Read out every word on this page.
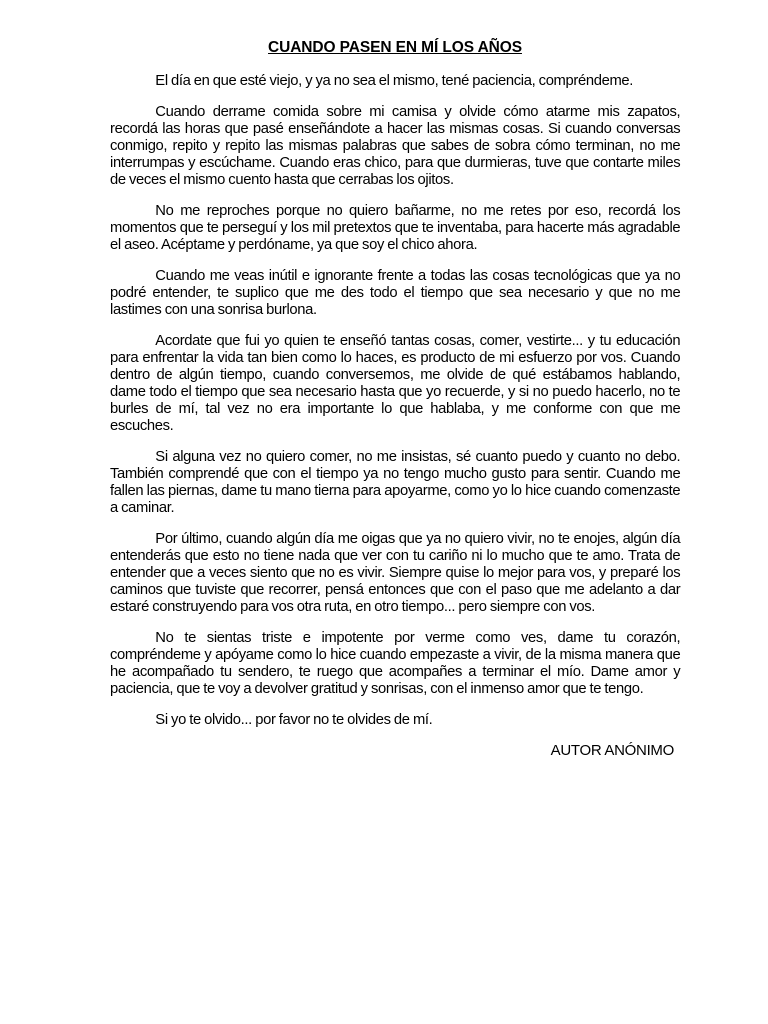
CUANDO PASEN EN MÍ LOS AÑOS

El día en que esté viejo, y ya no sea el mismo, tené paciencia, compréndeme.

Cuando derrame comida sobre mi camisa y olvide cómo atarme mis zapatos, recordá las horas que pasé enseñándote a hacer las mismas cosas. Si cuando conversas conmigo, repito y repito las mismas palabras que sabes de sobra cómo terminan, no me interrumpas y escúchame. Cuando eras chico, para que durmieras, tuve que contarte miles de veces el mismo cuento hasta que cerrabas los ojitos.

No me reproches porque no quiero bañarme, no me retes por eso, recordá los momentos que te perseguí y los mil pretextos que te inventaba, para hacerte más agradable el aseo. Acéptame y perdóname, ya que soy el chico ahora.

Cuando me veas inútil e ignorante frente a todas las cosas tecnológicas que ya no podré entender, te suplico que me des todo el tiempo que sea necesario y que no me lastimes con una sonrisa burlona.

Acordate que fui yo quien te enseñó tantas cosas, comer, vestirte... y tu educación para enfrentar la vida tan bien como lo haces, es producto de mi esfuerzo por vos. Cuando dentro de algún tiempo, cuando conversemos, me olvide de qué estábamos hablando, dame todo el tiempo que sea necesario hasta que yo recuerde, y si no puedo hacerlo, no te burles de mí, tal vez no era importante lo que hablaba, y me conforme con que me escuches.

Si alguna vez no quiero comer, no me insistas, sé cuanto puedo y cuanto no debo. También comprendé que con el tiempo ya no tengo mucho gusto para sentir. Cuando me fallen las piernas, dame tu mano tierna para apoyarme, como yo lo hice cuando comenzaste a caminar.

Por último, cuando algún día me oigas que ya no quiero vivir, no te enojes, algún día entenderás que esto no tiene nada que ver con tu cariño ni lo mucho que te amo. Trata de entender que a veces siento que no es vivir. Siempre quise lo mejor para vos, y preparé los caminos que tuviste que recorrer, pensá entonces que con el paso que me adelanto a dar estaré construyendo para vos otra ruta, en otro tiempo... pero siempre con vos.

No te sientas triste e impotente por verme como ves, dame tu corazón, compréndeme y apóyame como lo hice cuando empezaste a vivir, de la misma manera que he acompañado tu sendero, te ruego que acompañes a terminar el mío. Dame amor y paciencia, que te voy a devolver gratitud y sonrisas, con el inmenso amor que te tengo.

Si yo te olvido... por favor no te olvides de mí.

AUTOR ANÓNIMO
